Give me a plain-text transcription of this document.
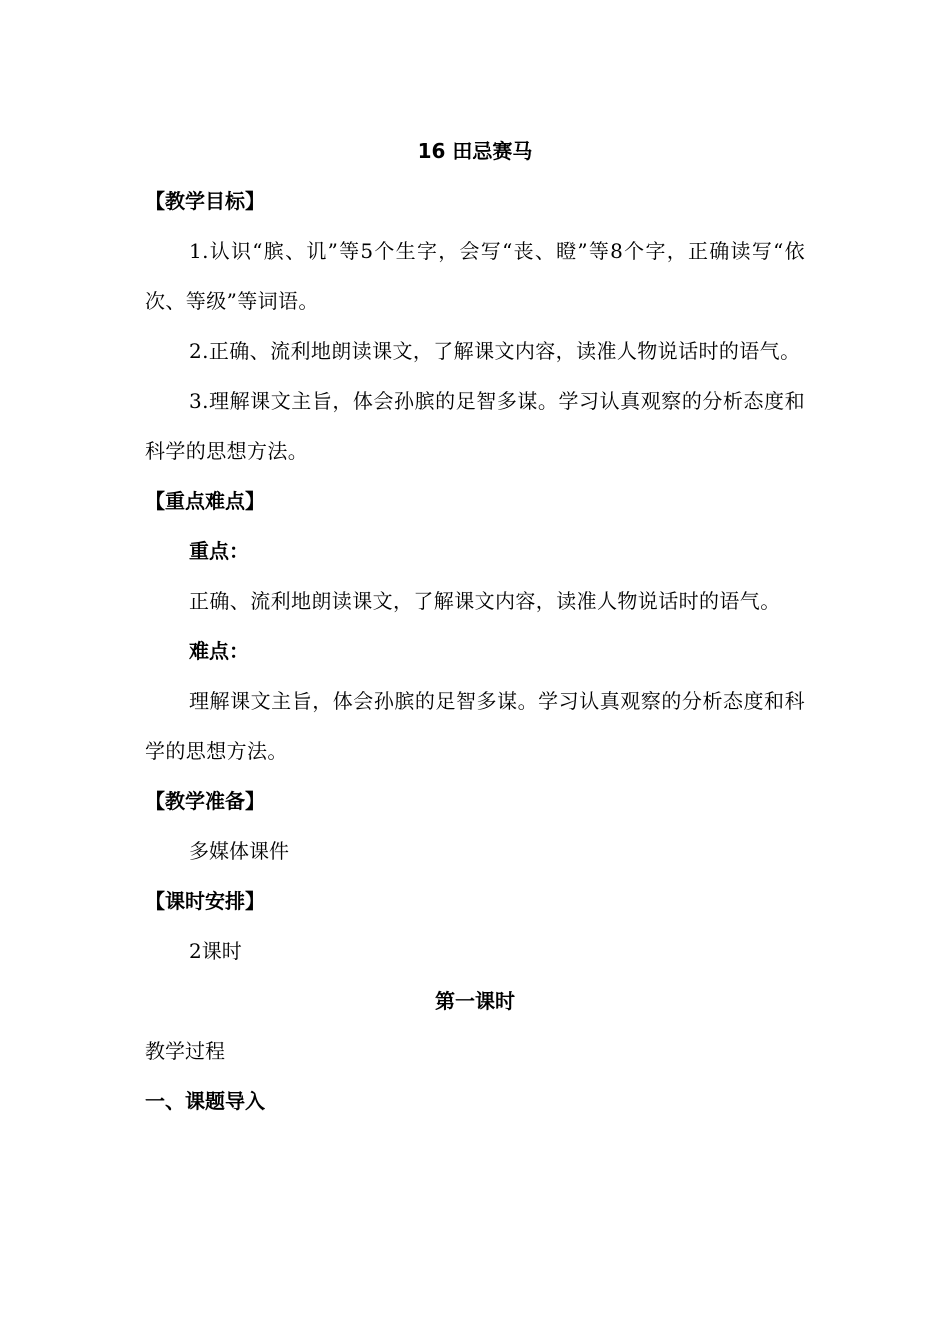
16 田忌赛马

【教学目标】

1.认识“膑、讥”等5个生字，会写“丧、瞪”等8个字，正确读写“依次、等级”等词语。

2.正确、流利地朗读课文，了解课文内容，读准人物说话时的语气。

3.理解课文主旨，体会孙膑的足智多谋。学习认真观察的分析态度和科学的思想方法。

【重点难点】

重点：

正确、流利地朗读课文，了解课文内容，读准人物说话时的语气。

难点：

理解课文主旨，体会孙膑的足智多谋。学习认真观察的分析态度和科学的思想方法。

【教学准备】

多媒体课件

【课时安排】

2课时

第一课时

教学过程

一、课题导入
